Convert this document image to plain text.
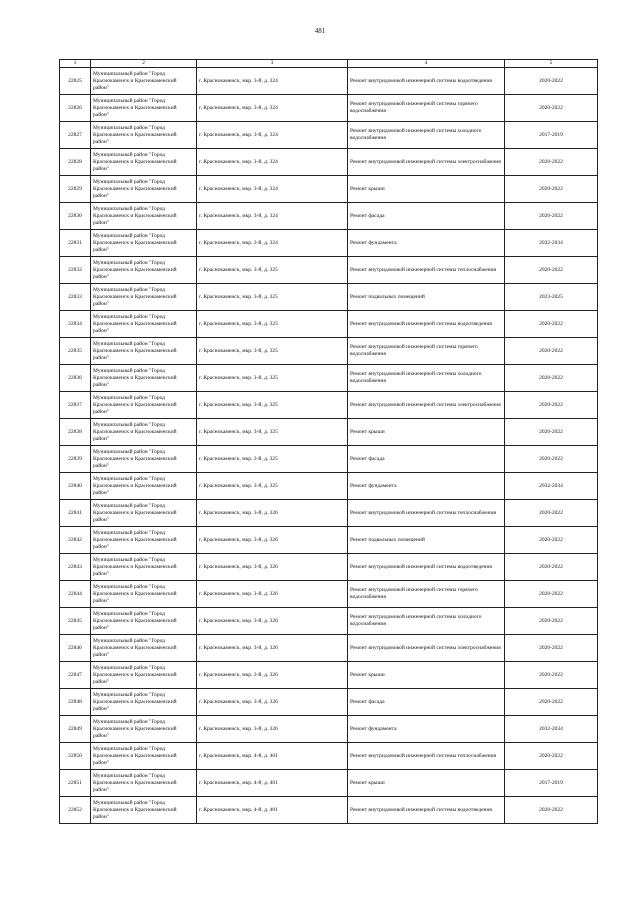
481
1	2	3	4	5
22825	Муниципальный район "Город Краснокаменск и Краснокаменский район"	г. Краснокаменск, мкр. 3-й, д. 324	Ремонт внутридомовой инженерной системы водоотведения	2020-2022
22826	Муниципальный район "Город Краснокаменск и Краснокаменский район"	г. Краснокаменск, мкр. 3-й, д. 324	Ремонт внутридомовой инженерной системы горячего водоснабжения	2020-2022
22827	Муниципальный район "Город Краснокаменск и Краснокаменский район"	г. Краснокаменск, мкр. 3-й, д. 324	Ремонт внутридомовой инженерной системы холодного водоснабжения	2017-2019
22828	Муниципальный район "Город Краснокаменск и Краснокаменский район"	г. Краснокаменск, мкр. 3-й, д. 324	Ремонт внутридомовой инженерной системы электроснабжения	2020-2022
22829	Муниципальный район "Город Краснокаменск и Краснокаменский район"	г. Краснокаменск, мкр. 3-й, д. 324	Ремонт крыши	2020-2022
22830	Муниципальный район "Город Краснокаменск и Краснокаменский район"	г. Краснокаменск, мкр. 3-й, д. 324	Ремонт фасада	2020-2022
22831	Муниципальный район "Город Краснокаменск и Краснокаменский район"	г. Краснокаменск, мкр. 3-й, д. 324	Ремонт фундамента	2032-2034
22832	Муниципальный район "Город Краснокаменск и Краснокаменский район"	г. Краснокаменск, мкр. 3-й, д. 325	Ремонт внутридомовой инженерной системы теплоснабжения	2020-2022
22833	Муниципальный район "Город Краснокаменск и Краснокаменский район"	г. Краснокаменск, мкр. 3-й, д. 325	Ремонт подвальных помещений	2023-2025
22834	Муниципальный район "Город Краснокаменск и Краснокаменский район"	г. Краснокаменск, мкр. 3-й, д. 325	Ремонт внутридомовой инженерной системы водоотведения	2020-2022
22835	Муниципальный район "Город Краснокаменск и Краснокаменский район"	г. Краснокаменск, мкр. 3-й, д. 325	Ремонт внутридомовой инженерной системы горячего водоснабжения	2020-2022
22836	Муниципальный район "Город Краснокаменск и Краснокаменский район"	г. Краснокаменск, мкр. 3-й, д. 325	Ремонт внутридомовой инженерной системы холодного водоснабжения	2020-2022
22837	Муниципальный район "Город Краснокаменск и Краснокаменский район"	г. Краснокаменск, мкр. 3-й, д. 325	Ремонт внутридомовой инженерной системы электроснабжения	2020-2022
22838	Муниципальный район "Город Краснокаменск и Краснокаменский район"	г. Краснокаменск, мкр. 3-й, д. 325	Ремонт крыши	2020-2022
22839	Муниципальный район "Город Краснокаменск и Краснокаменский район"	г. Краснокаменск, мкр. 3-й, д. 325	Ремонт фасада	2020-2022
22840	Муниципальный район "Город Краснокаменск и Краснокаменский район"	г. Краснокаменск, мкр. 3-й, д. 325	Ремонт фундамента	2032-2034
22841	Муниципальный район "Город Краснокаменск и Краснокаменский район"	г. Краснокаменск, мкр. 3-й, д. 326	Ремонт внутридомовой инженерной системы теплоснабжения	2020-2022
22842	Муниципальный район "Город Краснокаменск и Краснокаменский район"	г. Краснокаменск, мкр. 3-й, д. 326	Ремонт подвальных помещений	2020-2022
22843	Муниципальный район "Город Краснокаменск и Краснокаменский район"	г. Краснокаменск, мкр. 3-й, д. 326	Ремонт внутридомовой инженерной системы водоотведения	2020-2022
22844	Муниципальный район "Город Краснокаменск и Краснокаменский район"	г. Краснокаменск, мкр. 3-й, д. 326	Ремонт внутридомовой инженерной системы горячего водоснабжения	2020-2022
22845	Муниципальный район "Город Краснокаменск и Краснокаменский район"	г. Краснокаменск, мкр. 3-й, д. 326	Ремонт внутридомовой инженерной системы холодного водоснабжения	2020-2022
22846	Муниципальный район "Город Краснокаменск и Краснокаменский район"	г. Краснокаменск, мкр. 3-й, д. 326	Ремонт внутридомовой инженерной системы электроснабжения	2020-2022
22847	Муниципальный район "Город Краснокаменск и Краснокаменский район"	г. Краснокаменск, мкр. 3-й, д. 326	Ремонт крыши	2020-2022
22848	Муниципальный район "Город Краснокаменск и Краснокаменский район"	г. Краснокаменск, мкр. 3-й, д. 326	Ремонт фасада	2020-2022
22849	Муниципальный район "Город Краснокаменск и Краснокаменский район"	г. Краснокаменск, мкр. 3-й, д. 326	Ремонт фундамента	2032-2034
22850	Муниципальный район "Город Краснокаменск и Краснокаменский район"	г. Краснокаменск, мкр. 4-й, д. 401	Ремонт внутридомовой инженерной системы теплоснабжения	2020-2022
22851	Муниципальный район "Город Краснокаменск и Краснокаменский район"	г. Краснокаменск, мкр. 4-й, д. 401	Ремонт крыши	2017-2019
22852	Муниципальный район "Город Краснокаменск и Краснокаменский район"	г. Краснокаменск, мкр. 4-й, д. 401	Ремонт внутридомовой инженерной системы водоотведения	2020-2022
